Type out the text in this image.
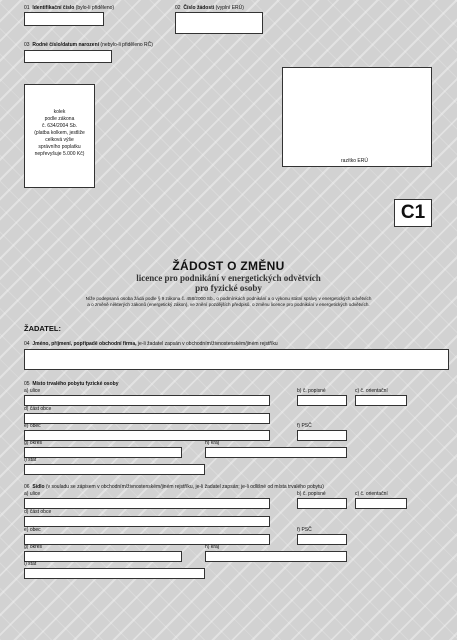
01 Identifikační číslo (bylo-li přiděleno)	02 Číslo žádosti (vyplní ERÚ)
03 Rodné číslo/datum narození (nebylo-li přiděleno RČ)
kolek
podle zákona
č. 634/2004 Sb.
(platba kolkem, jestliže
celková výše
správního poplatku
nepřevyšuje 5.000 Kč)
razítko ERÚ
C1
ŽÁDOST O ZMĚNU
licence pro podnikání v energetických odvětvích
pro fyzické osoby
Níže podepsaná osoba žádá podle § 9 zákona č. 458/2000 Sb., o podmínkách podnikání a o výkonu státní správy v energetických odvětvích
a o změně některých zákonů (energetický zákon), ve znění pozdějších předpisů, o změnu licence pro podnikání v energetických odvětvích.
ŽADATEL:
04 Jméno, příjmení, popřípadě obchodní firma, je-li žadatel zapsán v obchodním/živnostenském/jiném rejstříku
05 Místo trvalého pobytu fyzické osoby
a) ulice	b) č. popisné	c) č. orientační
d) část obce
e) obec	f) PSČ
g) okres	h) kraj
i) stát
06 Sídlo (v souladu se zápisem v obchodním/živnostenském/jiném rejstříku, je-li žadatel zapsán; je-li odlišné od místa trvalého pobytu)
a) ulice	b) č. popisné	c) č. orientační
d) část obce
e) obec	f) PSČ
g) okres	h) kraj
i) stát
